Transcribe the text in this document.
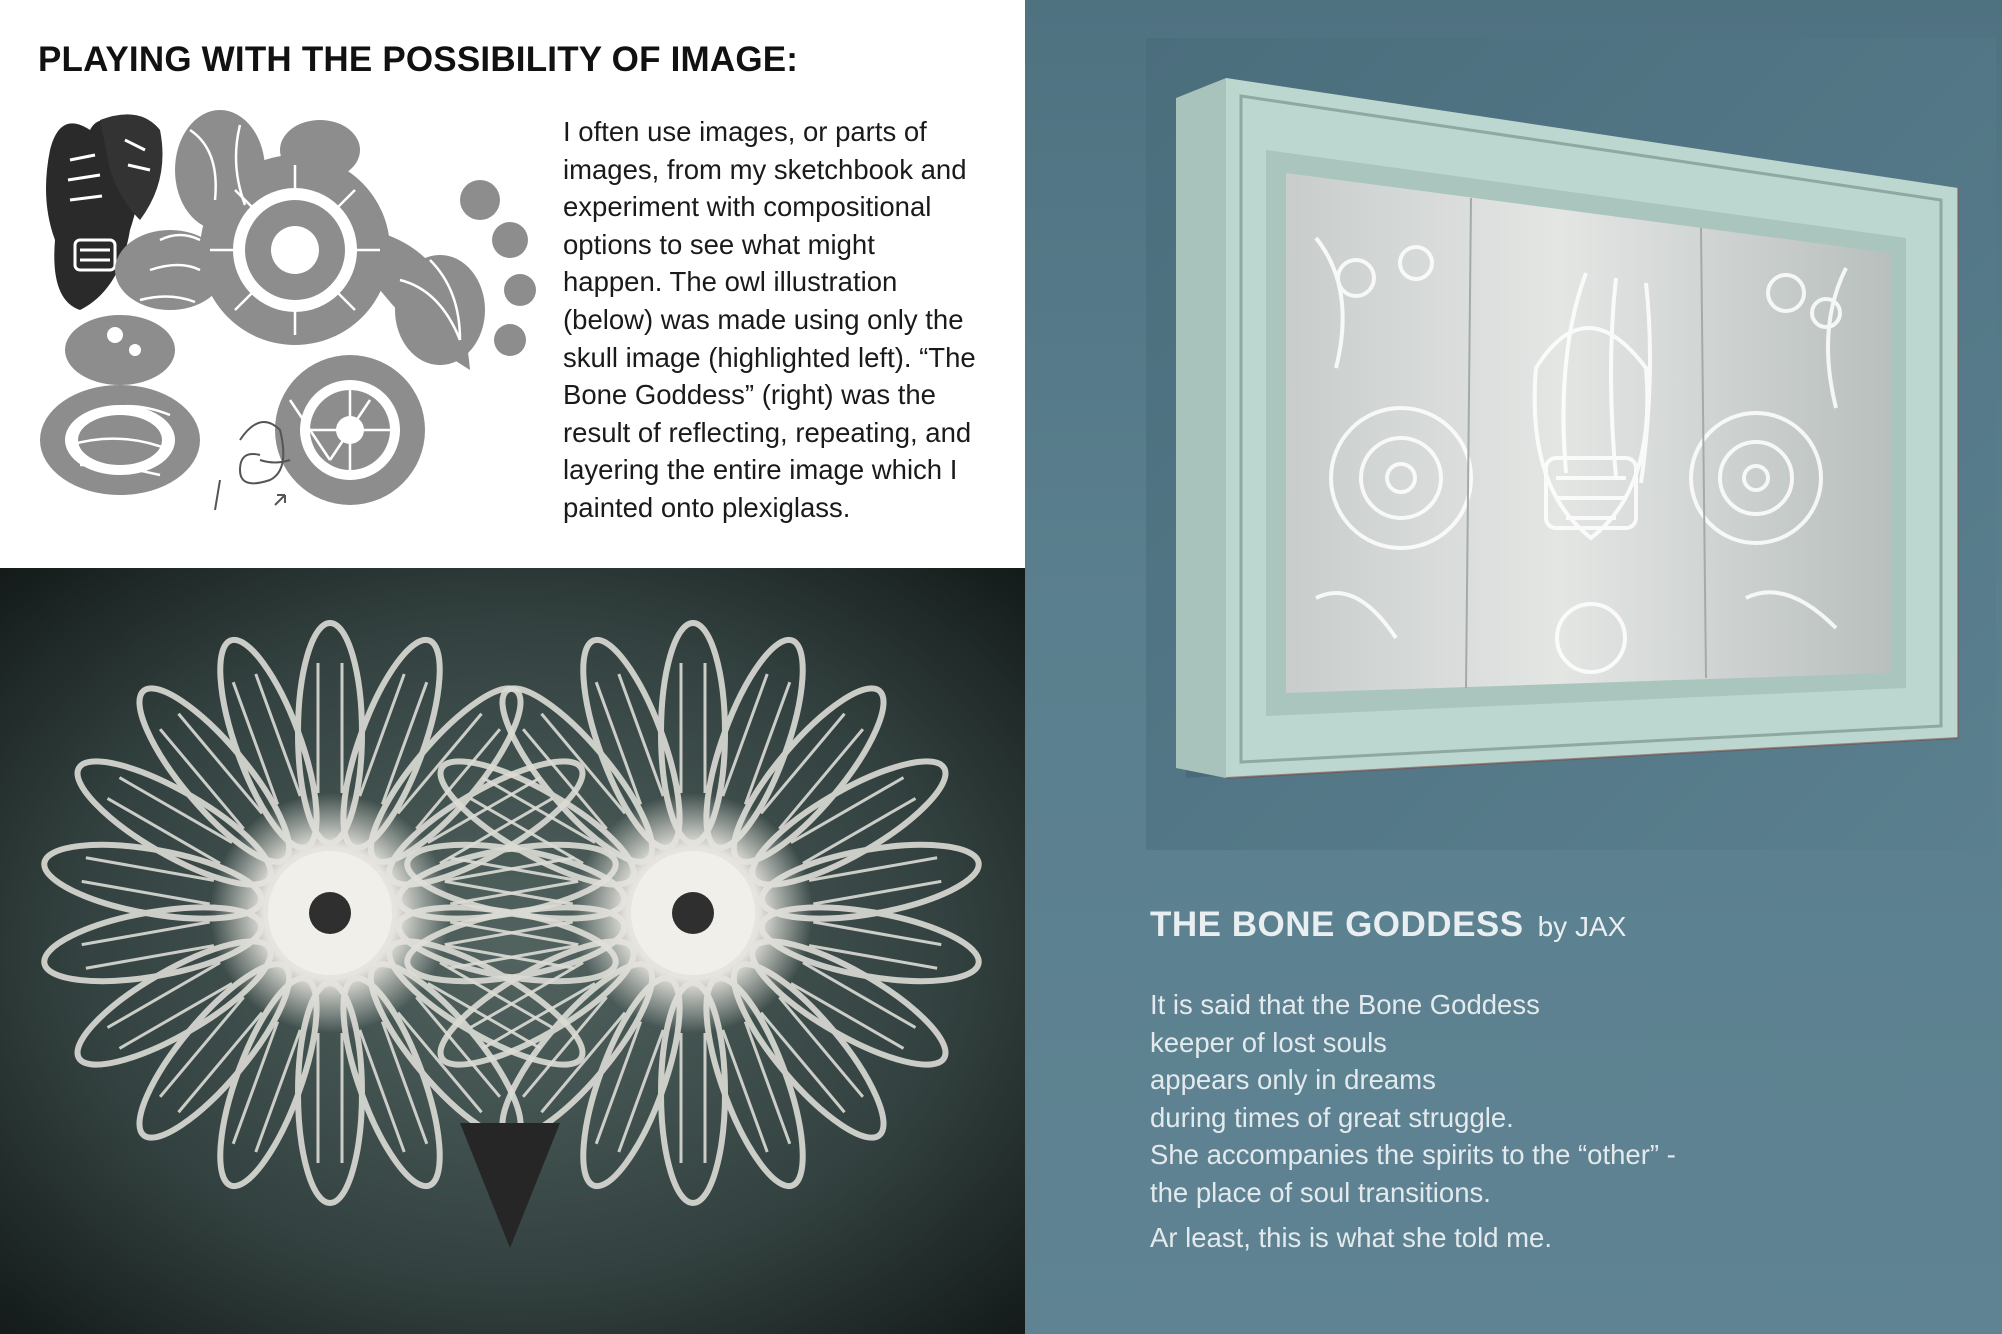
PLAYING WITH THE POSSIBILITY OF IMAGE:
I often use images, or parts of
images, from my sketchbook and
experiment with compositional
options to see what might
happen. The owl illustration
(below) was made using only the
skull image (highlighted left). “The
Bone Goddess” (right) was the
result of reflecting, repeating, and
layering the entire image which I
painted onto plexiglass.
THE BONE GODDESS by JAX
It is said that the Bone Goddess
keeper of lost souls
appears only in dreams
during times of great struggle.
She accompanies the spirits to the “other” -
the place of soul transitions.
Ar least, this is what she told me.
